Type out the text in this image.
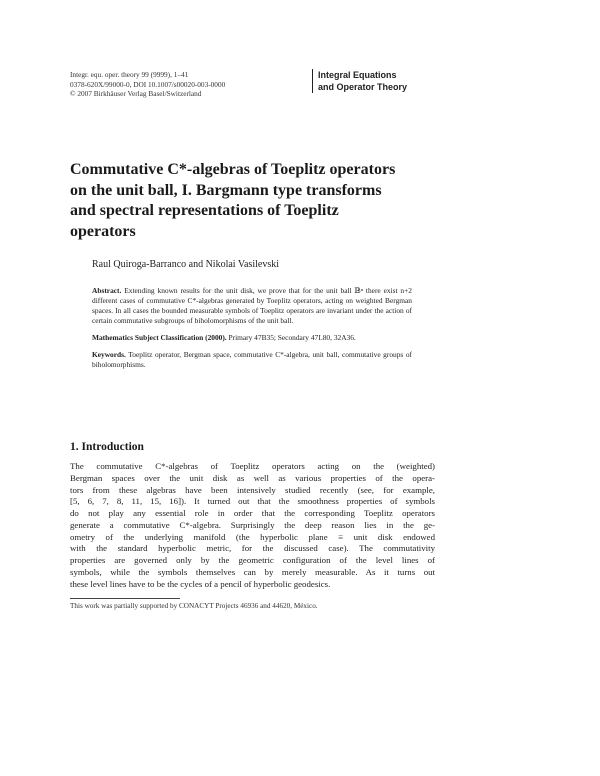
Integr. equ. oper. theory 99 (9999), 1–41
0378-620X/99000-0, DOI 10.1007/s00020-003-0000
© 2007 Birkhäuser Verlag Basel/Switzerland
Integral Equations
and Operator Theory
Commutative C*-algebras of Toeplitz operators
on the unit ball, I. Bargmann type transforms
and spectral representations of Toeplitz
operators
Raul Quiroga-Barranco and Nikolai Vasilevski

Abstract. Extending known results for the unit disk, we prove that for the unit ball 𝔹ⁿ there exist n+2 different cases of commutative C*-algebras generated by Toeplitz operators, acting on weighted Bergman spaces. In all cases the bounded measurable symbols of Toeplitz operators are invariant under the action of certain commutative subgroups of biholomorphisms of the unit ball.

Mathematics Subject Classification (2000). Primary 47B35; Secondary 47L80, 32A36.

Keywords. Toeplitz operator, Bergman space, commutative C*-algebra, unit ball, commutative groups of biholomorphisms.

1. Introduction
The commutative C*-algebras of Toeplitz operators acting on the (weighted)
Bergman spaces over the unit disk as well as various properties of the opera-
tors from these algebras have been intensively studied recently (see, for example,
[5, 6, 7, 8, 11, 15, 16]). It turned out that the smoothness properties of symbols
do not play any essential role in order that the corresponding Toeplitz operators
generate a commutative C*-algebra. Surprisingly the deep reason lies in the ge-
ometry of the underlying manifold (the hyperbolic plane ≡ unit disk endowed
with the standard hyperbolic metric, for the discussed case). The commutativity
properties are governed only by the geometric configuration of the level lines of
symbols, while the symbols themselves can by merely measurable. As it turns out
these level lines have to be the cycles of a pencil of hyperbolic geodesics.
This work was partially supported by CONACYT Projects 46936 and 44620, México.
